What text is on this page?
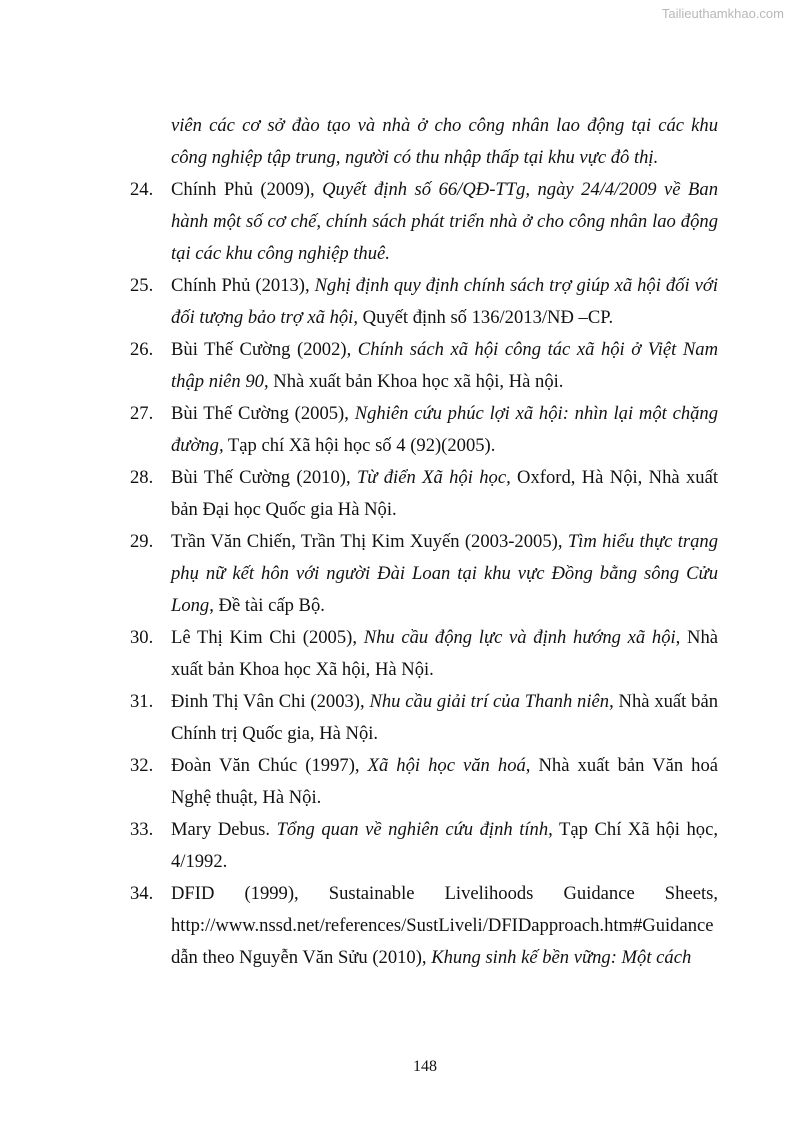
Tailieuthamkhao.com
viên các cơ sở đào tạo và nhà ở cho công nhân lao động tại các khu công nghiệp tập trung, người có thu nhập thấp tại khu vực đô thị.
24. Chính Phủ (2009), Quyết định số 66/QĐ-TTg, ngày 24/4/2009 về Ban hành một số cơ chế, chính sách phát triển nhà ở cho công nhân lao động tại các khu công nghiệp thuê.
25. Chính Phủ (2013), Nghị định quy định chính sách trợ giúp xã hội đối với đối tượng bảo trợ xã hội, Quyết định số 136/2013/NĐ –CP.
26. Bùi Thế Cường (2002), Chính sách xã hội công tác xã hội ở Việt Nam thập niên 90, Nhà xuất bản Khoa học xã hội, Hà nội.
27. Bùi Thế Cường (2005), Nghiên cứu phúc lợi xã hội: nhìn lại một chặng đường, Tạp chí Xã hội học số 4 (92)(2005).
28. Bùi Thế Cường (2010), Từ điển Xã hội học, Oxford, Hà Nội, Nhà xuất bản Đại học Quốc gia Hà Nội.
29. Trần Văn Chiến, Trần Thị Kim Xuyến (2003-2005), Tìm hiểu thực trạng phụ nữ kết hôn với người Đài Loan tại khu vực Đồng bằng sông Cửu Long, Đề tài cấp Bộ.
30. Lê Thị Kim Chi (2005), Nhu cầu động lực và định hướng xã hội, Nhà xuất bản Khoa học Xã hội, Hà Nội.
31. Đinh Thị Vân Chi (2003), Nhu cầu giải trí của Thanh niên, Nhà xuất bản Chính trị Quốc gia, Hà Nội.
32. Đoàn Văn Chúc (1997), Xã hội học văn hoá, Nhà xuất bản Văn hoá Nghệ thuật, Hà Nội.
33. Mary Debus. Tổng quan về nghiên cứu định tính, Tạp Chí Xã hội học, 4/1992.
34. DFID (1999), Sustainable Livelihoods Guidance Sheets, http://www.nssd.net/references/SustLiveli/DFIDapproach.htm#Guidance dẫn theo Nguyễn Văn Sửu (2010), Khung sinh kế bền vững: Một cách
148
